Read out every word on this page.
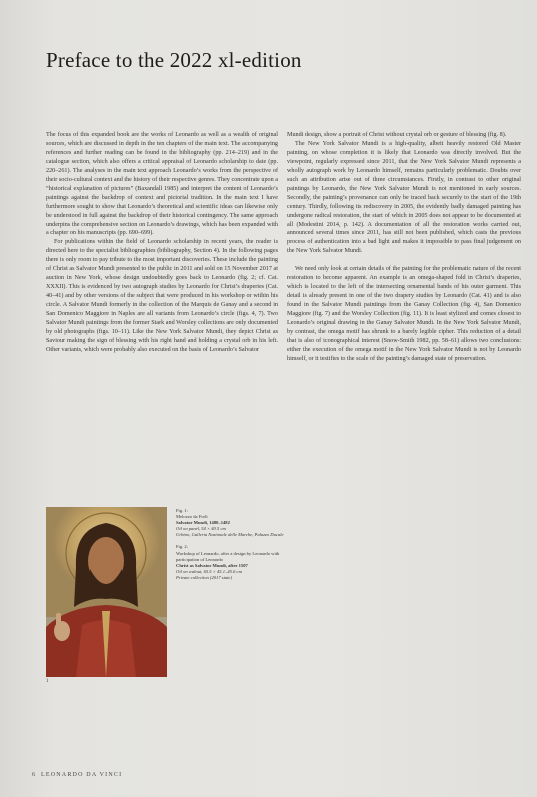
Preface to the 2022 xl-edition

The focus of this expanded book are the works of Leonardo as well as a wealth of original sources, which are discussed in depth in the ten chapters of the main text. The accompanying references and further reading can be found in the bibliography (pp. 214–219) and in the catalogue section, which also offers a critical appraisal of Leonardo scholarship to date (pp. 220–261). The analyses in the main text approach Leonardo’s works from the perspective of their socio-cultural context and the history of their respective genres. They concentrate upon a “historical explanation of pictures” (Baxandall 1985) and interpret the content of Leonardo’s paintings against the backdrop of context and pictorial tradition. In the main text I have furthermore sought to show that Leonardo’s theoretical and scientific ideas can likewise only be understood in full against the backdrop of their historical contingency. The same approach underpins the comprehensive section on Leonardo’s drawings, which has been expanded with a chapter on his manuscripts (pp. 690–699).

For publications within the field of Leonardo scholarship in recent years, the reader is directed here to the specialist bibliographies (bibliography, Section 4). In the following pages there is only room to pay tribute to the most important discoveries. These include the painting of Christ as Salvator Mundi presented to the public in 2011 and sold on 15 November 2017 at auction in New York, whose design undoubtedly goes back to Leonardo (fig. 2; cf. Cat. XXXII). This is evidenced by two autograph studies by Leonardo for Christ’s draperies (Cat. 40–41) and by other versions of the subject that were produced in his workshop or within his circle. A Salvator Mundi formerly in the collection of the Marquis de Ganay and a second in San Domenico Maggiore in Naples are all variants from Leonardo’s circle (figs. 4, 7). Two Salvator Mundi paintings from the former Stark and Worsley collections are only documented by old photographs (figs. 10–11). Like the New York Salvator Mundi, they depict Christ as Saviour making the sign of blessing with his right hand and holding a crystal orb in his left. Other variants, which were probably also executed on the basis of Leonardo’s Salvator

Mundi design, show a portrait of Christ without crystal orb or gesture of blessing (fig. 8).

The New York Salvator Mundi is a high-quality, albeit heavily restored Old Master painting, on whose completion it is likely that Leonardo was directly involved. But the viewpoint, regularly expressed since 2011, that the New York Salvator Mundi represents a wholly autograph work by Leonardo himself, remains particularly problematic. Doubts over such an attribution arise out of three circumstances. Firstly, in contrast to other original paintings by Leonardo, the New York Salvator Mundi is not mentioned in early sources. Secondly, the painting’s provenance can only be traced back securely to the start of the 19th century. Thirdly, following its rediscovery in 2005, the evidently badly damaged painting has undergone radical restoration, the start of which in 2005 does not appear to be documented at all (Modestini 2014, p. 142). A documentation of all the restoration works carried out, announced several times since 2011, has still not been published, which casts the previous process of authentication into a bad light and makes it impossible to pass final judgement on the New York Salvator Mundi.

We need only look at certain details of the painting for the problematic nature of the recent restoration to become apparent. An example is an omega-shaped fold in Christ’s draperies, which is located to the left of the intersecting ornamental bands of his outer garment. This detail is already present in one of the two drapery studies by Leonardo (Cat. 41) and is also found in the Salvator Mundi paintings from the Ganay Collection (fig. 4), San Domenico Maggiore (fig. 7) and the Worsley Collection (fig. 11). It is least stylized and comes closest to Leonardo’s original drawing in the Ganay Salvator Mundi. In the New York Salvator Mundi, by contrast, the omega motif has shrunk to a barely legible cipher. This reduction of a detail that is also of iconographical interest (Snow-Smith 1982, pp. 58–61) allows two conclusions: either the execution of the omega motif in the New York Salvator Mundi is not by Leonardo himself, or it testifies to the scale of the painting’s damaged state of preservation.

1
Fig. 1:
Melozzo da Forlì
Salvator Mundi, 1480–1482
Oil on panel, 54 × 40.5 cm
Urbino, Galleria Nazionale delle Marche, Palazzo Ducale
Fig. 2:
Workshop of Leonardo, after a design by Leonardo with participation of Leonardo
Christ as Salvator Mundi, after 1507
Oil on walnut, 65.5 × 45.1–45.6 cm
Private collection (2017 state)
6 LEONARDO DA VINCI
